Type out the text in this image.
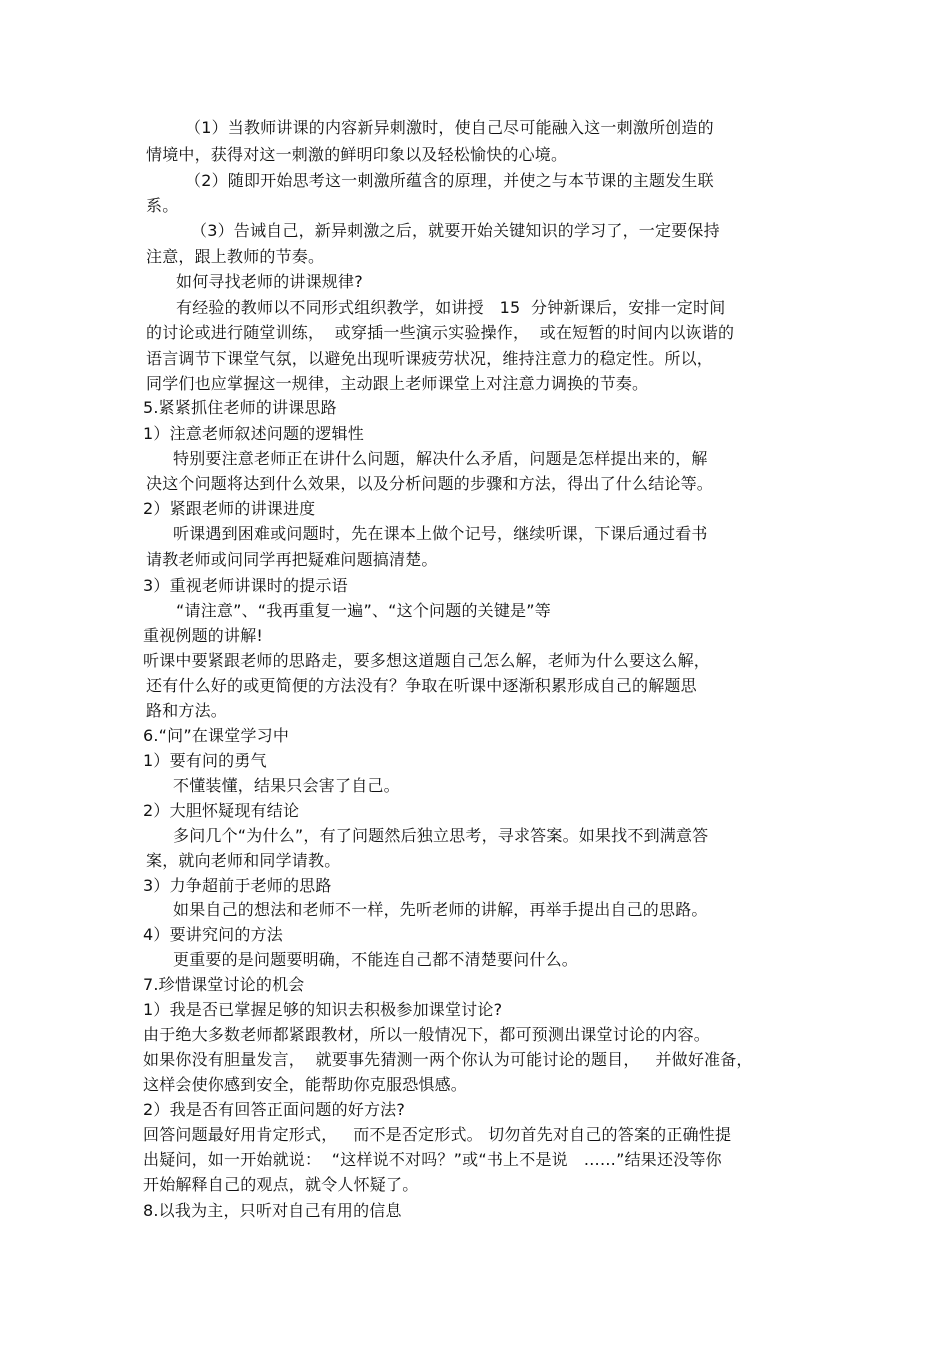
（1）当教师讲课的内容新异刺激时，使自己尽可能融入这一刺激所创造的
情境中，获得对这一刺激的鲜明印象以及轻松愉快的心境。
（2）随即开始思考这一刺激所蕴含的原理，并使之与本节课的主题发生联
系。
（3）告诫自己，新异刺激之后，就要开始关键知识的学习了，一定要保持
注意，跟上教师的节奏。
如何寻找老师的讲课规律?
有经验的教师以不同形式组织教学，如讲授   15  分钟新课后，安排一定时间
的讨论或进行随堂训练，  或穿插一些演示实验操作，  或在短暂的时间内以诙谐的
语言调节下课堂气氛，以避免出现听课疲劳状况，维持注意力的稳定性。所以，
同学们也应掌握这一规律，主动跟上老师课堂上对注意力调换的节奏。
5.紧紧抓住老师的讲课思路
1）注意老师叙述问题的逻辑性
特别要注意老师正在讲什么问题，解决什么矛盾，问题是怎样提出来的，解
决这个问题将达到什么效果，以及分析问题的步骤和方法，得出了什么结论等。
2）紧跟老师的讲课进度
听课遇到困难或问题时，先在课本上做个记号，继续听课，下课后通过看书
请教老师或问同学再把疑难问题搞清楚。
3）重视老师讲课时的提示语
“请注意”、“我再重复一遍”、“这个问题的关键是”等
重视例题的讲解!
听课中要紧跟老师的思路走，要多想这道题自己怎么解，老师为什么要这么解，
还有什么好的或更简便的方法没有？争取在听课中逐渐积累形成自己的解题思
路和方法。
6.“问”在课堂学习中
1）要有问的勇气
不懂装懂，结果只会害了自己。
2）大胆怀疑现有结论
多问几个“为什么”，有了问题然后独立思考，寻求答案。如果找不到满意答
案，就向老师和同学请教。
3）力争超前于老师的思路
如果自己的想法和老师不一样，先听老师的讲解，再举手提出自己的思路。
4）要讲究问的方法
更重要的是问题要明确，不能连自己都不清楚要问什么。
7.珍惜课堂讨论的机会
1）我是否已掌握足够的知识去积极参加课堂讨论?
由于绝大多数老师都紧跟教材，所以一般情况下，都可预测出课堂讨论的内容。
如果你没有胆量发言，  就要事先猜测一两个你认为可能讨论的题目，   并做好准备，
这样会使你感到安全，能帮助你克服恐惧感。
2）我是否有回答正面问题的好方法?
回答问题最好用肯定形式，   而不是否定形式。 切勿首先对自己的答案的正确性提
出疑问，如一开始就说：  “这样说不对吗？”或“书上不是说   ……”结果还没等你
开始解释自己的观点，就令人怀疑了。
8.以我为主，只听对自己有用的信息
